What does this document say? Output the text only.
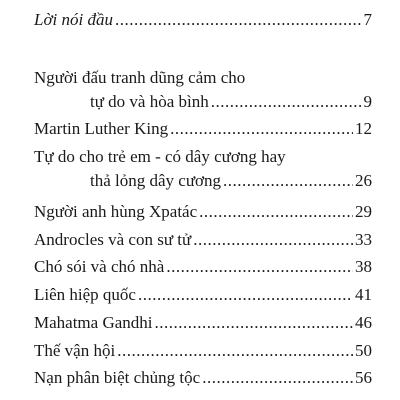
Lời nói đầu .....	7
Người đấu tranh dũng cảm cho
tự do và hòa bình .....	9
Martin Luther King .....	12
Tự do cho trẻ em - có dây cương hay
thả lỏng dây cương .....	26
Người anh hùng Xpatác .....	29
Androcles và con sư tử .....	33
Chó sói và chó nhà .....	38
Liên hiệp quốc .....	41
Mahatma Gandhi .....	46
Thế vận hội .....	50
Nạn phân biệt chủng tộc .....	56
